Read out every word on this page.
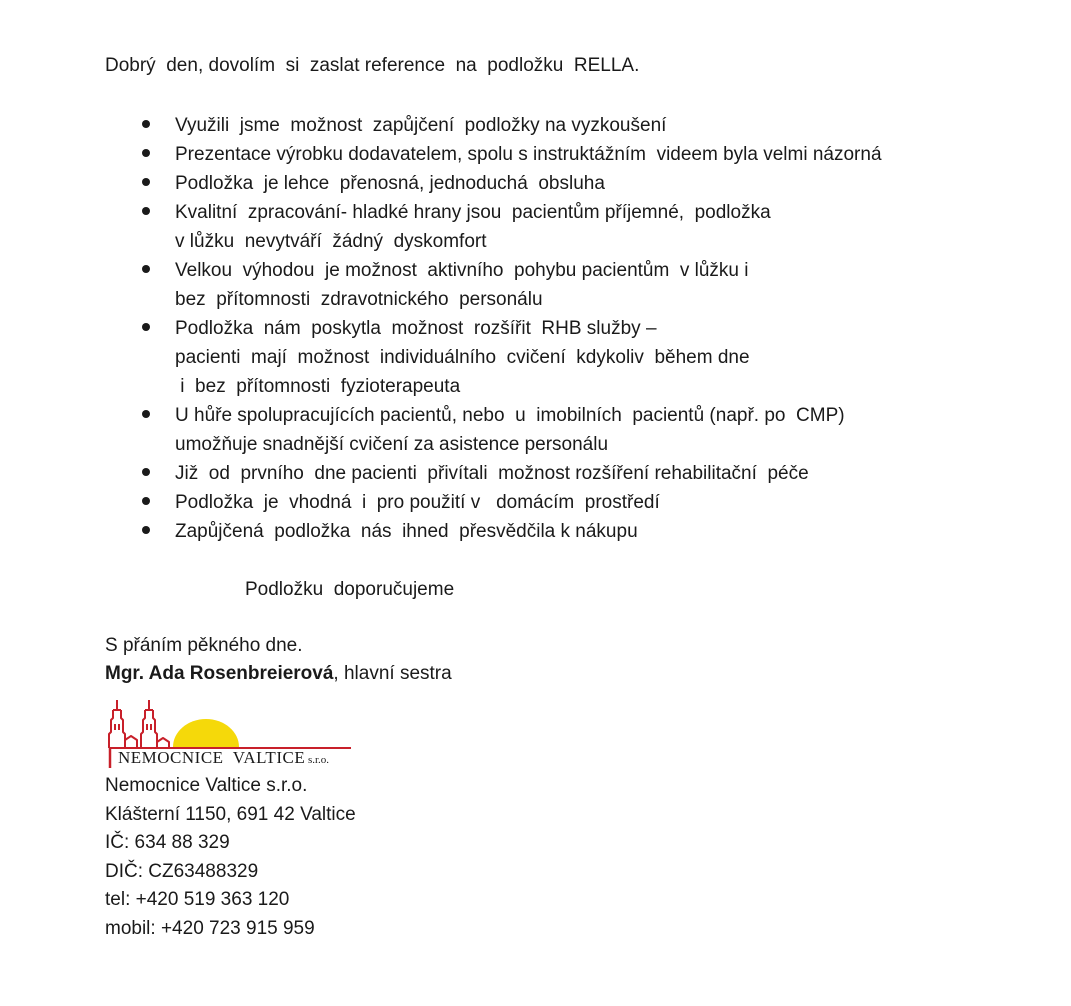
Dobrý  den, dovolím  si  zaslat reference  na  podložku  RELLA.
Využili  jsme  možnost  zapůjčení  podložky na vyzkoušení
Prezentace výrobku dodavatelem, spolu s instruktážním  videem byla velmi názorná
Podložka  je lehce  přenosná, jednoduchá  obsluha
Kvalitní  zpracování- hladké hrany jsou  pacientům příjemné,  podložka
v lůžku  nevytváří  žádný  dyskomfort
Velkou  výhodou  je možnost  aktivního  pohybu pacientům  v lůžku i
bez  přítomnosti  zdravotnického  personálu
Podložka  nám  poskytla  možnost  rozšířit  RHB služby –
pacienti  mají  možnost  individuálního  cvičení  kdykoliv  během dne
i  bez  přítomnosti  fyzioterapeuta
U hůře spolupracujících pacientů, nebo  u  imobilních  pacientů (např. po  CMP)
umožňuje snadnější cvičení za asistence personálu
Již  od  prvního  dne pacienti  přivítali  možnost rozšíření rehabilitační  péče
Podložka  je  vhodná  i  pro použití v   domácím  prostředí
Zapůjčená  podložka  nás  ihned  přesvědčila k nákupu
Podložku  doporučujeme
S přáním pěkného dne.
Mgr. Ada Rosenbreierová, hlavní sestra
NEMOCNICE  VALTICE s.r.o.
Nemocnice Valtice s.r.o.
Klášterní 1150, 691 42 Valtice
IČ: 634 88 329
DIČ: CZ63488329
tel: +420 519 363 120
mobil: +420 723 915 959
